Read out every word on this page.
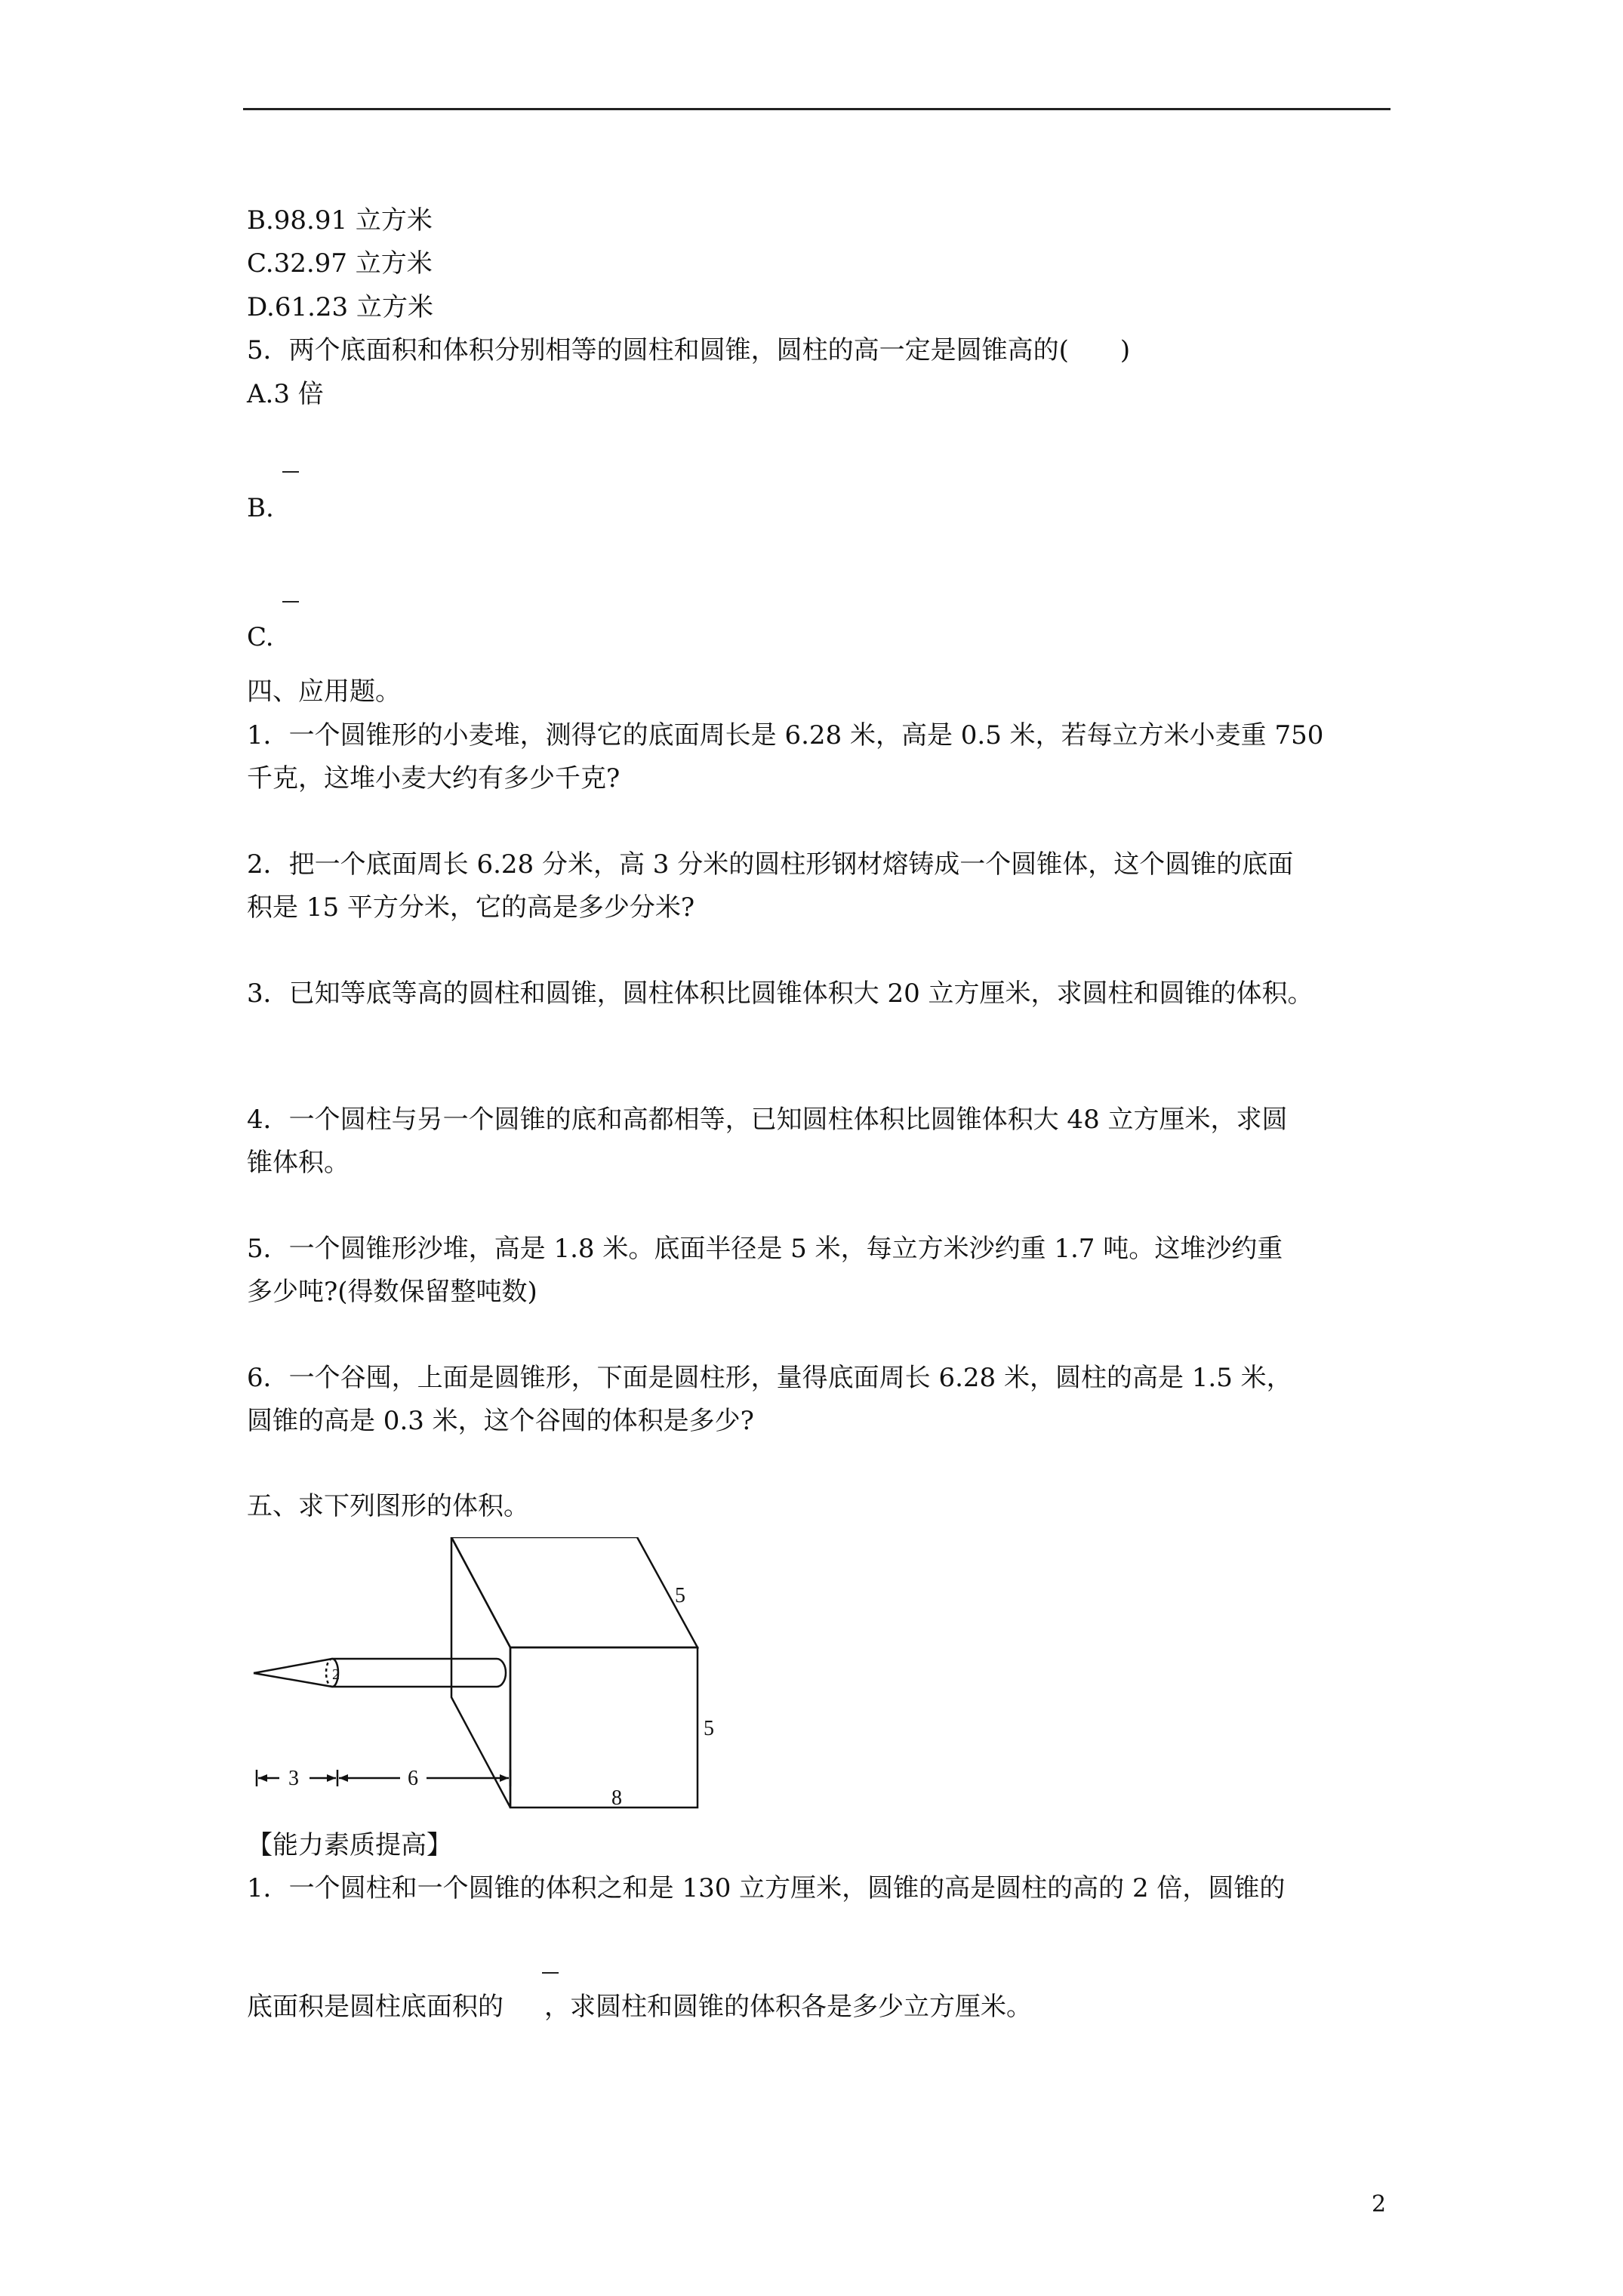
B.98.91 立方米
C.32.97 立方米
D.61.23 立方米
5．两个底面积和体积分别相等的圆柱和圆锥，圆柱的高一定是圆锥高的(　　)
A.3 倍
B.
C.
四、应用题。
1．一个圆锥形的小麦堆，测得它的底面周长是 6.28 米，高是 0.5 米，若每立方米小麦重 750
千克，这堆小麦大约有多少千克?
2．把一个底面周长 6.28 分米，高 3 分米的圆柱形钢材熔铸成一个圆锥体，这个圆锥的底面
积是 15 平方分米，它的高是多少分米?
3．已知等底等高的圆柱和圆锥，圆柱体积比圆锥体积大 20 立方厘米，求圆柱和圆锥的体积。
4．一个圆柱与另一个圆锥的底和高都相等，已知圆柱体积比圆锥体积大 48 立方厘米，求圆
锥体积。
5．一个圆锥形沙堆，高是 1.8 米。底面半径是 5 米，每立方米沙约重 1.7 吨。这堆沙约重
多少吨?(得数保留整吨数)
6．一个谷囤，上面是圆锥形，下面是圆柱形，量得底面周长 6.28 米，圆柱的高是 1.5 米，
圆锥的高是 0.3 米，这个谷囤的体积是多少?
五、求下列图形的体积。
5
5
8
2
3	6
【能力素质提高】
1．一个圆柱和一个圆锥的体积之和是 130 立方厘米，圆锥的高是圆柱的高的 2 倍，圆锥的
底面积是圆柱底面积的 ，求圆柱和圆锥的体积各是多少立方厘米。
2
